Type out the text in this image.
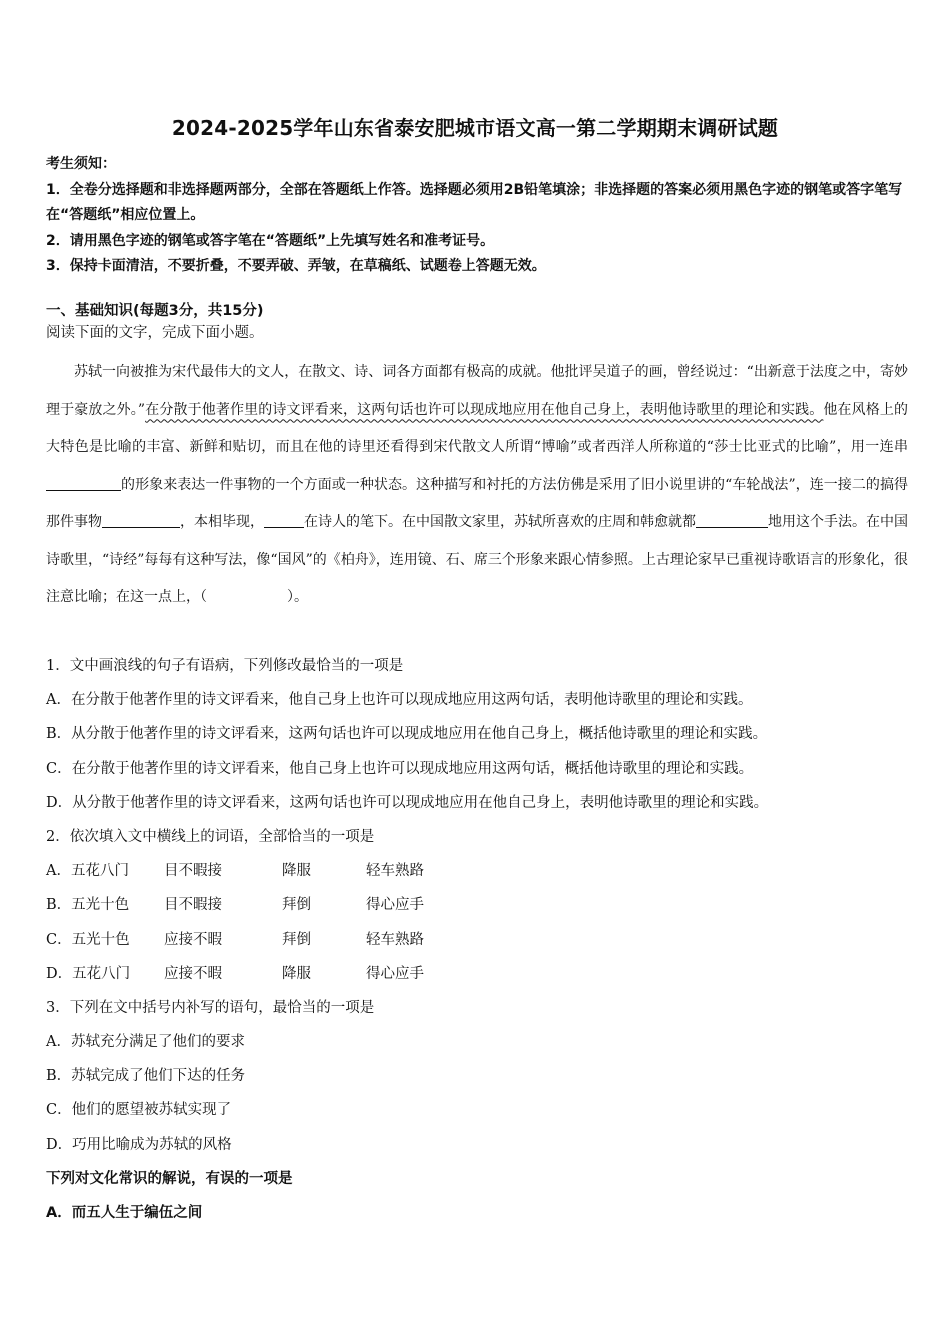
2024-2025学年山东省泰安肥城市语文高一第二学期期末调研试题

考生须知：

1．全卷分选择题和非选择题两部分，全部在答题纸上作答。选择题必须用2B铅笔填涂；非选择题的答案必须用黑色字迹的钢笔或答字笔写在“答题纸”相应位置上。

2．请用黑色字迹的钢笔或答字笔在“答题纸”上先填写姓名和准考证号。

3．保持卡面清洁，不要折叠，不要弄破、弄皱，在草稿纸、试题卷上答题无效。

一、基础知识(每题3分，共15分)
阅读下面的文字，完成下面小题。

苏轼一向被推为宋代最伟大的文人，在散文、诗、词各方面都有极高的成就。他批评吴道子的画，曾经说过：“出新意于法度之中，寄妙理于豪放之外。”在分散于他著作里的诗文评看来，这两句话也许可以现成地应用在他自己身上，表明他诗歌里的理论和实践。他在风格上的大特色是比喻的丰富、新鲜和贴切，而且在他的诗里还看得到宋代散文人所谓“博喻”或者西洋人所称道的“莎士比亚式的比喻”，用一连串的形象来表达一件事物的一个方面或一种状态。这种描写和衬托的方法仿佛是采用了旧小说里讲的“车轮战法”，连一接二的搞得那件事物	，本相毕现，	在诗人的笔下。在中国散文家里，苏轼所喜欢的庄周和韩愈就都	地用这个手法。在中国诗歌里，“诗经”每每有这种写法，像“国风”的《柏舟》，连用镜、石、席三个形象来跟心情参照。上古理论家早已重视诗歌语言的形象化，很注意比喻；在这一点上，（	）。

1．文中画浪线的句子有语病，下列修改最恰当的一项是
A．在分散于他著作里的诗文评看来，他自己身上也许可以现成地应用这两句话，表明他诗歌里的理论和实践。
B．从分散于他著作里的诗文评看来，这两句话也许可以现成地应用在他自己身上，概括他诗歌里的理论和实践。
C．在分散于他著作里的诗文评看来，他自己身上也许可以现成地应用这两句话，概括他诗歌里的理论和实践。
D．从分散于他著作里的诗文评看来，这两句话也许可以现成地应用在他自己身上，表明他诗歌里的理论和实践。
2．依次填入文中横线上的词语，全部恰当的一项是
A．五花八门 目不暇接	降服	轻车熟路
B．五光十色 目不暇接	拜倒	得心应手
C．五光十色 应接不暇	拜倒	轻车熟路
D．五花八门 应接不暇	降服	得心应手
3．下列在文中括号内补写的语句，最恰当的一项是
A．苏轼充分满足了他们的要求
B．苏轼完成了他们下达的任务
C．他们的愿望被苏轼实现了
D．巧用比喻成为苏轼的风格
下列对文化常识的解说，有误的一项是
A．而五人生于编伍之间
